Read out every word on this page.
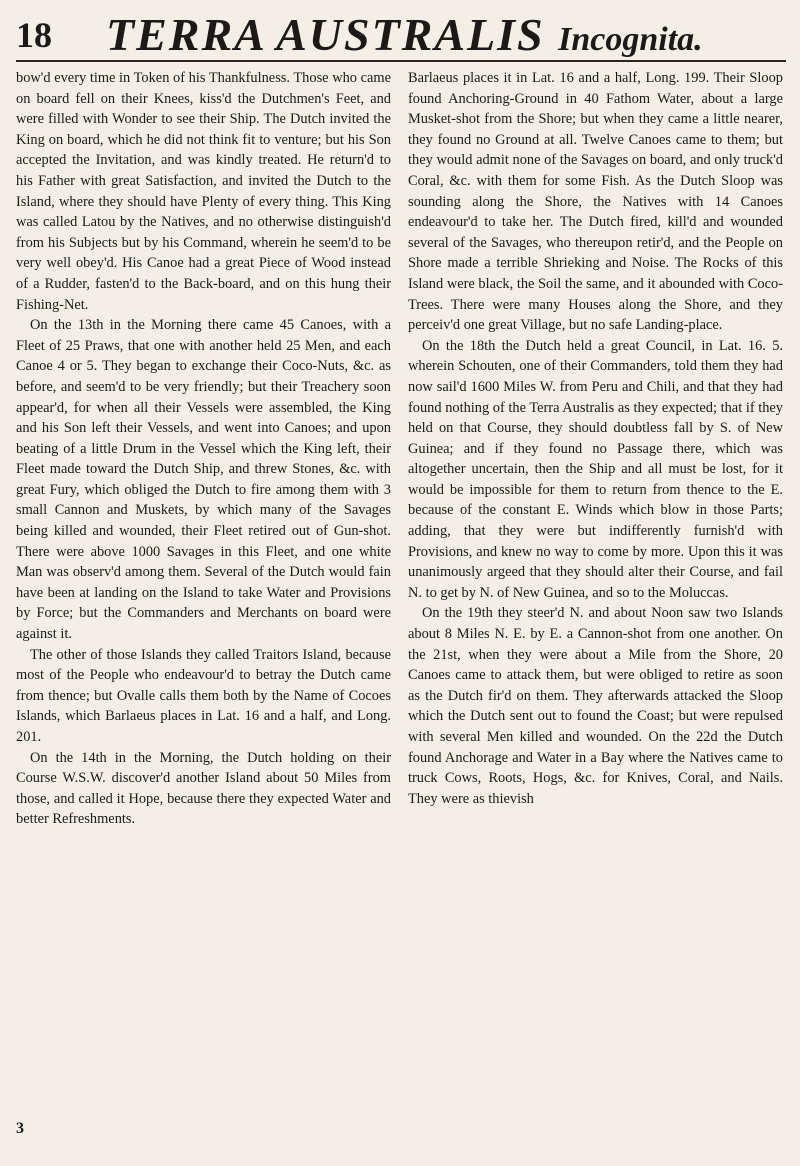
18 TERRA AUSTRALIS Incognita.

bow'd every time in Token of his Thankfulness. Those who came on board fell on their Knees, kiss'd the Dutchmen's Feet, and were filled with Wonder to see their Ship. The Dutch invited the King on board, which he did not think fit to venture; but his Son accepted the Invitation, and was kindly treated. He return'd to his Father with great Satisfaction, and invited the Dutch to the Island, where they should have Plenty of every thing. This King was called Latou by the Natives, and no otherwise distinguish'd from his Subjects but by his Command, wherein he seem'd to be very well obey'd. His Canoe had a great Piece of Wood instead of a Rudder, fasten'd to the Back-board, and on this hung their Fishing-Net.

On the 13th in the Morning there came 45 Canoes, with a Fleet of 25 Praws, that one with another held 25 Men, and each Canoe 4 or 5. They began to exchange their Coco-Nuts, &c. as before, and seem'd to be very friendly; but their Treachery soon appear'd, for when all their Vessels were assembled, the King and his Son left their Vessels, and went into Canoes; and upon beating of a little Drum in the Vessel which the King left, their Fleet made toward the Dutch Ship, and threw Stones, &c. with great Fury, which obliged the Dutch to fire among them with 3 small Cannon and Muskets, by which many of the Savages being killed and wounded, their Fleet retired out of Gun-shot. There were above 1000 Savages in this Fleet, and one white Man was observ'd among them. Several of the Dutch would fain have been at landing on the Island to take Water and Provisions by Force; but the Commanders and Merchants on board were against it.

The other of those Islands they called Traitors Island, because most of the People who endeavour'd to betray the Dutch came from thence; but Ovalle calls them both by the Name of Cocoes Islands, which Barlaeus places in Lat. 16 and a half, and Long. 201.

On the 14th in the Morning, the Dutch holding on their Course W.S.W. discover'd another Island about 50 Miles from those, and called it Hope, because there they expected Water and better Refreshments.

Barlaeus places it in Lat. 16 and a half, Long. 199. Their Sloop found Anchoring-Ground in 40 Fathom Water, about a large Musket-shot from the Shore; but when they came a little nearer, they found no Ground at all. Twelve Canoes came to them; but they would admit none of the Savages on board, and only truck'd Coral, &c. with them for some Fish. As the Dutch Sloop was sounding along the Shore, the Natives with 14 Canoes endeavour'd to take her. The Dutch fired, kill'd and wounded several of the Savages, who thereupon retir'd, and the People on Shore made a terrible Shrieking and Noise. The Rocks of this Island were black, the Soil the same, and it abounded with Coco-Trees. There were many Houses along the Shore, and they perceiv'd one great Village, but no safe Landing-place.

On the 18th the Dutch held a great Council, in Lat. 16. 5. wherein Schouten, one of their Commanders, told them they had now sail'd 1600 Miles W. from Peru and Chili, and that they had found nothing of the Terra Australis as they expected; that if they held on that Course, they should doubtless fall by S. of New Guinea; and if they found no Passage there, which was altogether uncertain, then the Ship and all must be lost, for it would be impossible for them to return from thence to the E. because of the constant E. Winds which blow in those Parts; adding, that they were but indifferently furnish'd with Provisions, and knew no way to come by more. Upon this it was unanimously argeed that they should alter their Course, and fail N. to get by N. of New Guinea, and so to the Moluccas.

On the 19th they steer'd N. and about Noon saw two Islands about 8 Miles N. E. by E. a Cannon-shot from one another. On the 21st, when they were about a Mile from the Shore, 20 Canoes came to attack them, but were obliged to retire as soon as the Dutch fir'd on them. They afterwards attacked the Sloop which the Dutch sent out to found the Coast; but were repulsed with several Men killed and wounded. On the 22d the Dutch found Anchorage and Water in a Bay where the Natives came to truck Cows, Roots, Hogs, &c. for Knives, Coral, and Nails. They were as thievish

3
